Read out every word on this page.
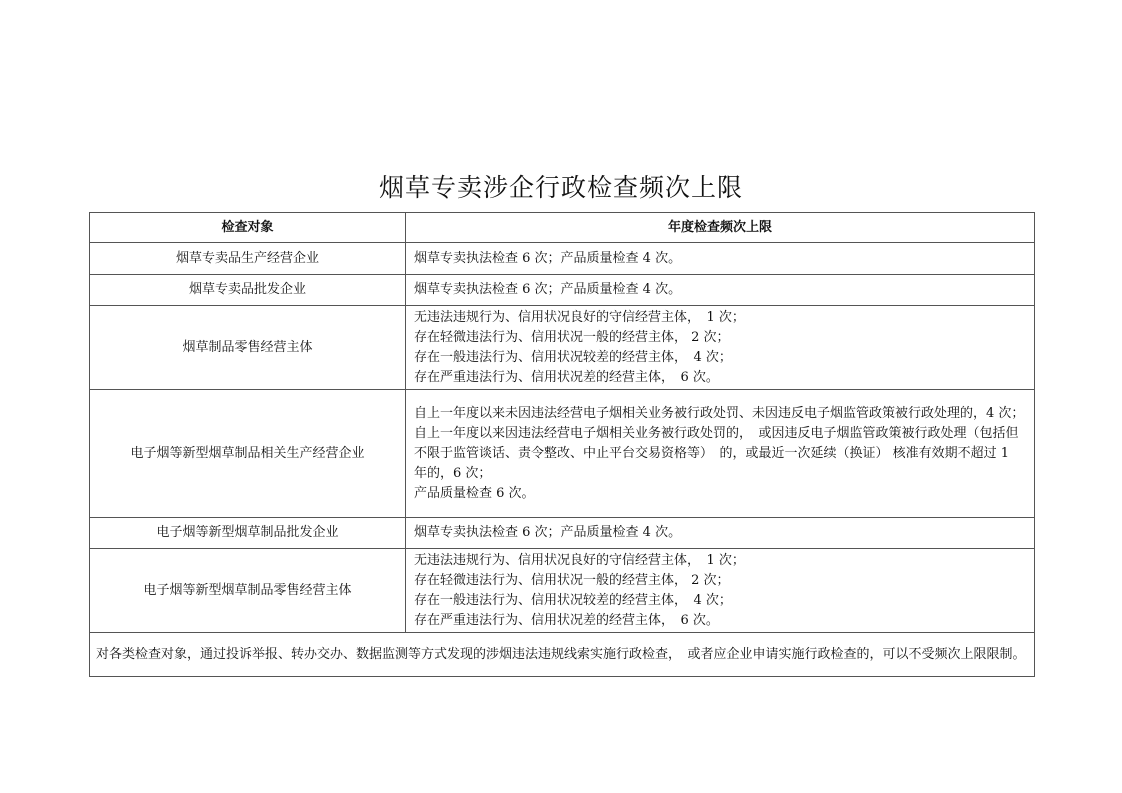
烟草专卖涉企行政检查频次上限
检查对象	年度检查频次上限
烟草专卖品生产经营企业	烟草专卖执法检查 6 次；产品质量检查 4 次。

烟草专卖品批发企业	烟草专卖执法检查 6 次；产品质量检查 4 次。

烟草制品零售经营主体	无违法违规行为、信用状况良好的守信经营主体，　1 次；
存在轻微违法行为、信用状况一般的经营主体， 2 次；
存在一般违法行为、信用状况较差的经营主体，　4 次；
存在严重违法行为、信用状况差的经营主体，　6 次。

电子烟等新型烟草制品相关生产经营企业	自上一年度以来未因违法经营电子烟相关业务被行政处罚、未因违反电子烟监管政策被行政处理的，4 次；
自上一年度以来因违法经营电子烟相关业务被行政处罚的，　或因违反电子烟监管政策被行政处理（包括但不限于监管谈话、责令整改、中止平台交易资格等）　的，或最近一次延续（换证） 核准有效期不超过 1 年的，6 次；
产品质量检查 6 次。

电子烟等新型烟草制品批发企业	烟草专卖执法检查 6 次；产品质量检查 4 次。

电子烟等新型烟草制品零售经营主体	无违法违规行为、信用状况良好的守信经营主体，　1 次；
存在轻微违法行为、信用状况一般的经营主体， 2 次；
存在一般违法行为、信用状况较差的经营主体，　4 次；
存在严重违法行为、信用状况差的经营主体，　6 次。

对各类检查对象，通过投诉举报、转办交办、数据监测等方式发现的涉烟违法违规线索实施行政检查，　或者应企业申请实施行政检查的，可以不受频次上限限制。	
